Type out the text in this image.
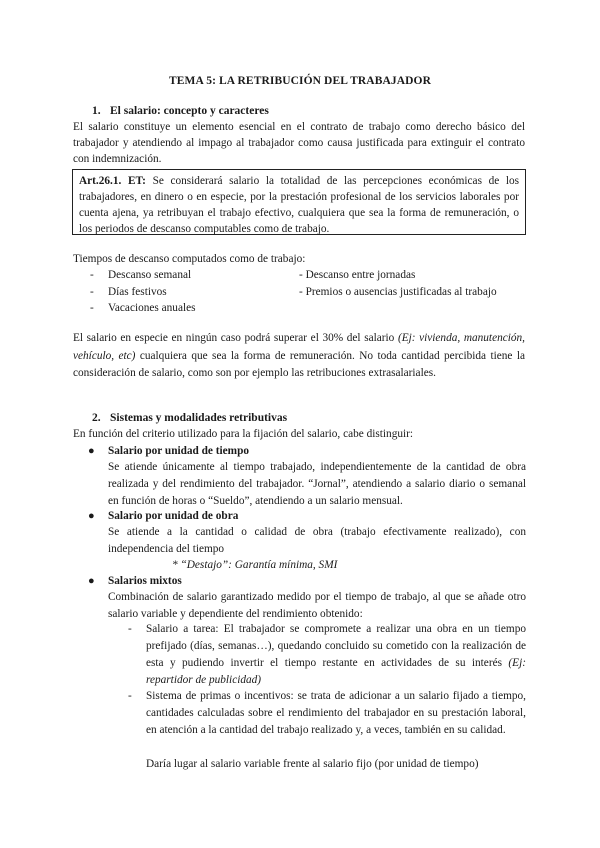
TEMA 5: LA RETRIBUCIÓN DEL TRABAJADOR
1. El salario: concepto y caracteres

El salario constituye un elemento esencial en el contrato de trabajo como derecho básico del trabajador y atendiendo al impago al trabajador como causa justificada para extinguir el contrato con indemnización.

Art.26.1. ET: Se considerará salario la totalidad de las percepciones económicas de los trabajadores, en dinero o en especie, por la prestación profesional de los servicios laborales por cuenta ajena, ya retribuyan el trabajo efectivo, cualquiera que sea la forma de remuneración, o los periodos de descanso computables como de trabajo.

Tiempos de descanso computados como de trabajo:

- Descanso semanal	- Descanso entre jornadas
- Días festivos	- Premios o ausencias justificadas al trabajo
- Vacaciones anuales

El salario en especie en ningún caso podrá superar el 30% del salario (Ej: vivienda, manutención, vehículo, etc) cualquiera que sea la forma de remuneración. No toda cantidad percibida tiene la consideración de salario, como son por ejemplo las retribuciones extrasalariales.

2. Sistemas y modalidades retributivas

En función del criterio utilizado para la fijación del salario, cabe distinguir:

● Salario por unidad de tiempo

Se atiende únicamente al tiempo trabajado, independientemente de la cantidad de obra realizada y del rendimiento del trabajador. “Jornal”, atendiendo a salario diario o semanal en función de horas o “Sueldo”, atendiendo a un salario mensual.

● Salario por unidad de obra

Se atiende a la cantidad o calidad de obra (trabajo efectivamente realizado), con independencia del tiempo

* “Destajo”: Garantía mínima, SMI
● Salarios mixtos

Combinación de salario garantizado medido por el tiempo de trabajo, al que se añade otro salario variable y dependiente del rendimiento obtenido:

- Salario a tarea: El trabajador se compromete a realizar una obra en un tiempo prefijado (días, semanas…), quedando concluido su cometido con la realización de esta y pudiendo invertir el tiempo restante en actividades de su interés (Ej: repartidor de publicidad)

- Sistema de primas o incentivos: se trata de adicionar a un salario fijado a tiempo, cantidades calculadas sobre el rendimiento del trabajador en su prestación laboral, en atención a la cantidad del trabajo realizado y, a veces, también en su calidad.

Daría lugar al salario variable frente al salario fijo (por unidad de tiempo)
